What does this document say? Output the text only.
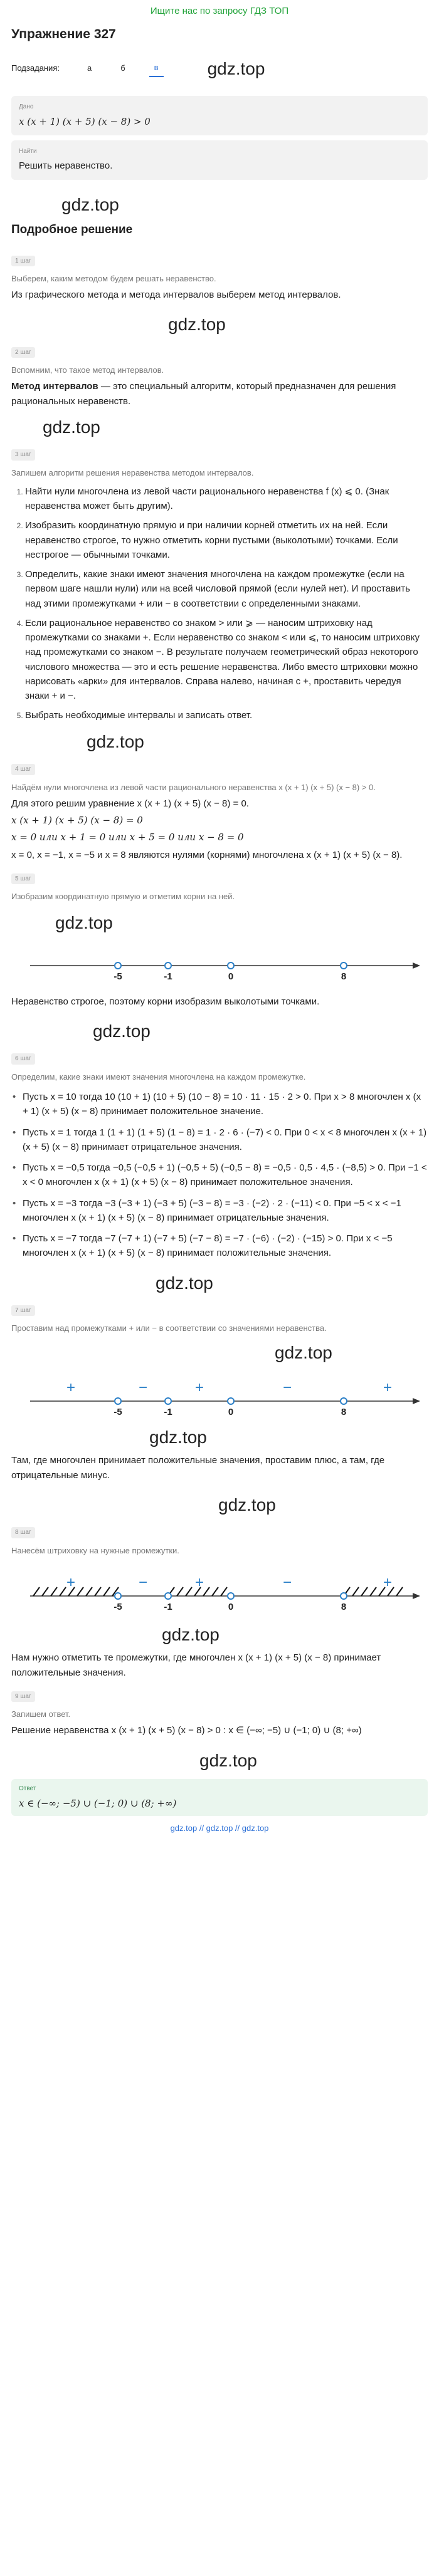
Ищите нас по запросу ГДЗ ТОП
Упражнение 327
Подзадания:	а	б	в	gdz.top
Дано
x (x + 1) (x + 5) (x − 8) > 0
Найти
Решить неравенство.
gdz.top
Подробное решение
1 шаг

Выберем, каким методом будем решать неравенство.

Из графического метода и метода интервалов выберем метод интервалов.

gdz.top
2 шаг

Вспомним, что такое метод интервалов.

Метод интервалов — это специальный алгоритм, который предназначен для решения рациональных неравенств.

gdz.top
3 шаг

Запишем алгоритм решения неравенства методом интервалов.

1. Найти нули многочлена из левой части рационального неравенства f (x) ⩽ 0. (Знак неравенства может быть другим).
2. Изобразить координатную прямую и при наличии корней отметить их на ней. Если неравенство строгое, то нужно отметить корни пустыми (выколотыми) точками. Если нестрогое — обычными точками.
3. Определить, какие знаки имеют значения многочлена на каждом промежутке (если на первом шаге нашли нули) или на всей числовой прямой (если нулей нет). И проставить над этими промежутками + или − в соответствии с определенными знаками.
4. Если рациональное неравенство со знаком > или ⩾ — наносим штриховку над промежутками со знаками +. Если неравенство со знаком < или ⩽, то наносим штриховку над промежутками со знаком −. В результате получаем геометрический образ некоторого числового множества — это и есть решение неравенства. Либо вместо штриховки можно нарисовать «арки» для интервалов. Справа налево, начиная с +, проставить чередуя знаки + и −.
5. Выбрать необходимые интервалы и записать ответ.
gdz.top
4 шаг

Найдём нули многочлена из левой части рационального неравенства x (x + 1) (x + 5) (x − 8) > 0.

Для этого решим уравнение x (x + 1) (x + 5) (x − 8) = 0.

x (x + 1) (x + 5) (x − 8) = 0

x = 0 или x + 1 = 0 или x + 5 = 0 или x − 8 = 0

x = 0, x = −1, x = −5 и x = 8 являются нулями (корнями) многочлена x (x + 1) (x + 5) (x − 8).

5 шаг

Изобразим координатную прямую и отметим корни на ней.

gdz.top
-5	-1	0	8

Неравенство строгое, поэтому корни изобразим выколотыми точками.

gdz.top
6 шаг

Определим, какие знаки имеют значения многочлена на каждом промежутке.

• Пусть x = 10 тогда 10 (10 + 1) (10 + 5) (10 − 8) = 10 · 11 · 15 · 2 > 0. При x > 8 многочлен x (x + 1) (x + 5) (x − 8) принимает положительное значение.
• Пусть x = 1 тогда 1 (1 + 1) (1 + 5) (1 − 8) = 1 · 2 · 6 · (−7) < 0. При 0 < x < 8 многочлен x (x + 1) (x + 5) (x − 8) принимает отрицательное значения.
• Пусть x = −0,5 тогда −0,5 (−0,5 + 1) (−0,5 + 5) (−0,5 − 8) = −0,5 · 0,5 · 4,5 · (−8,5) > 0. При −1 < x < 0 многочлен x (x + 1) (x + 5) (x − 8) принимает положительное значения.
• Пусть x = −3 тогда −3 (−3 + 1) (−3 + 5) (−3 − 8) = −3 · (−2) · 2 · (−11) < 0. При −5 < x < −1 многочлен x (x + 1) (x + 5) (x − 8) принимает отрицательные значения.
• Пусть x = −7 тогда −7 (−7 + 1) (−7 + 5) (−7 − 8) = −7 · (−6) · (−2) · (−15) > 0. При x < −5 многочлен x (x + 1) (x + 5) (x − 8) принимает положительные значения.
gdz.top
7 шаг

Проставим над промежутками + или − в соответствии со значениями неравенства.

gdz.top
-5	-1	0	8
+	−	+	−	+
gdz.top

Там, где многочлен принимает положительные значения, проставим плюс, а там, где отрицательные минус.

gdz.top
8 шаг

Нанесём штриховку на нужные промежутки.

-5	-1	0	8
+	−	+	−	+
gdz.top

Нам нужно отметить те промежутки, где многочлен x (x + 1) (x + 5) (x − 8) принимает положительные значения.

9 шаг

Запишем ответ.

Решение неравенства x (x + 1) (x + 5) (x − 8) > 0 : x ∈ (−∞; −5) ∪ (−1; 0) ∪ (8; +∞)

gdz.top
Ответ
x ∈ (−∞; −5) ∪ (−1; 0) ∪ (8; +∞)
gdz.top // gdz.top // gdz.top
